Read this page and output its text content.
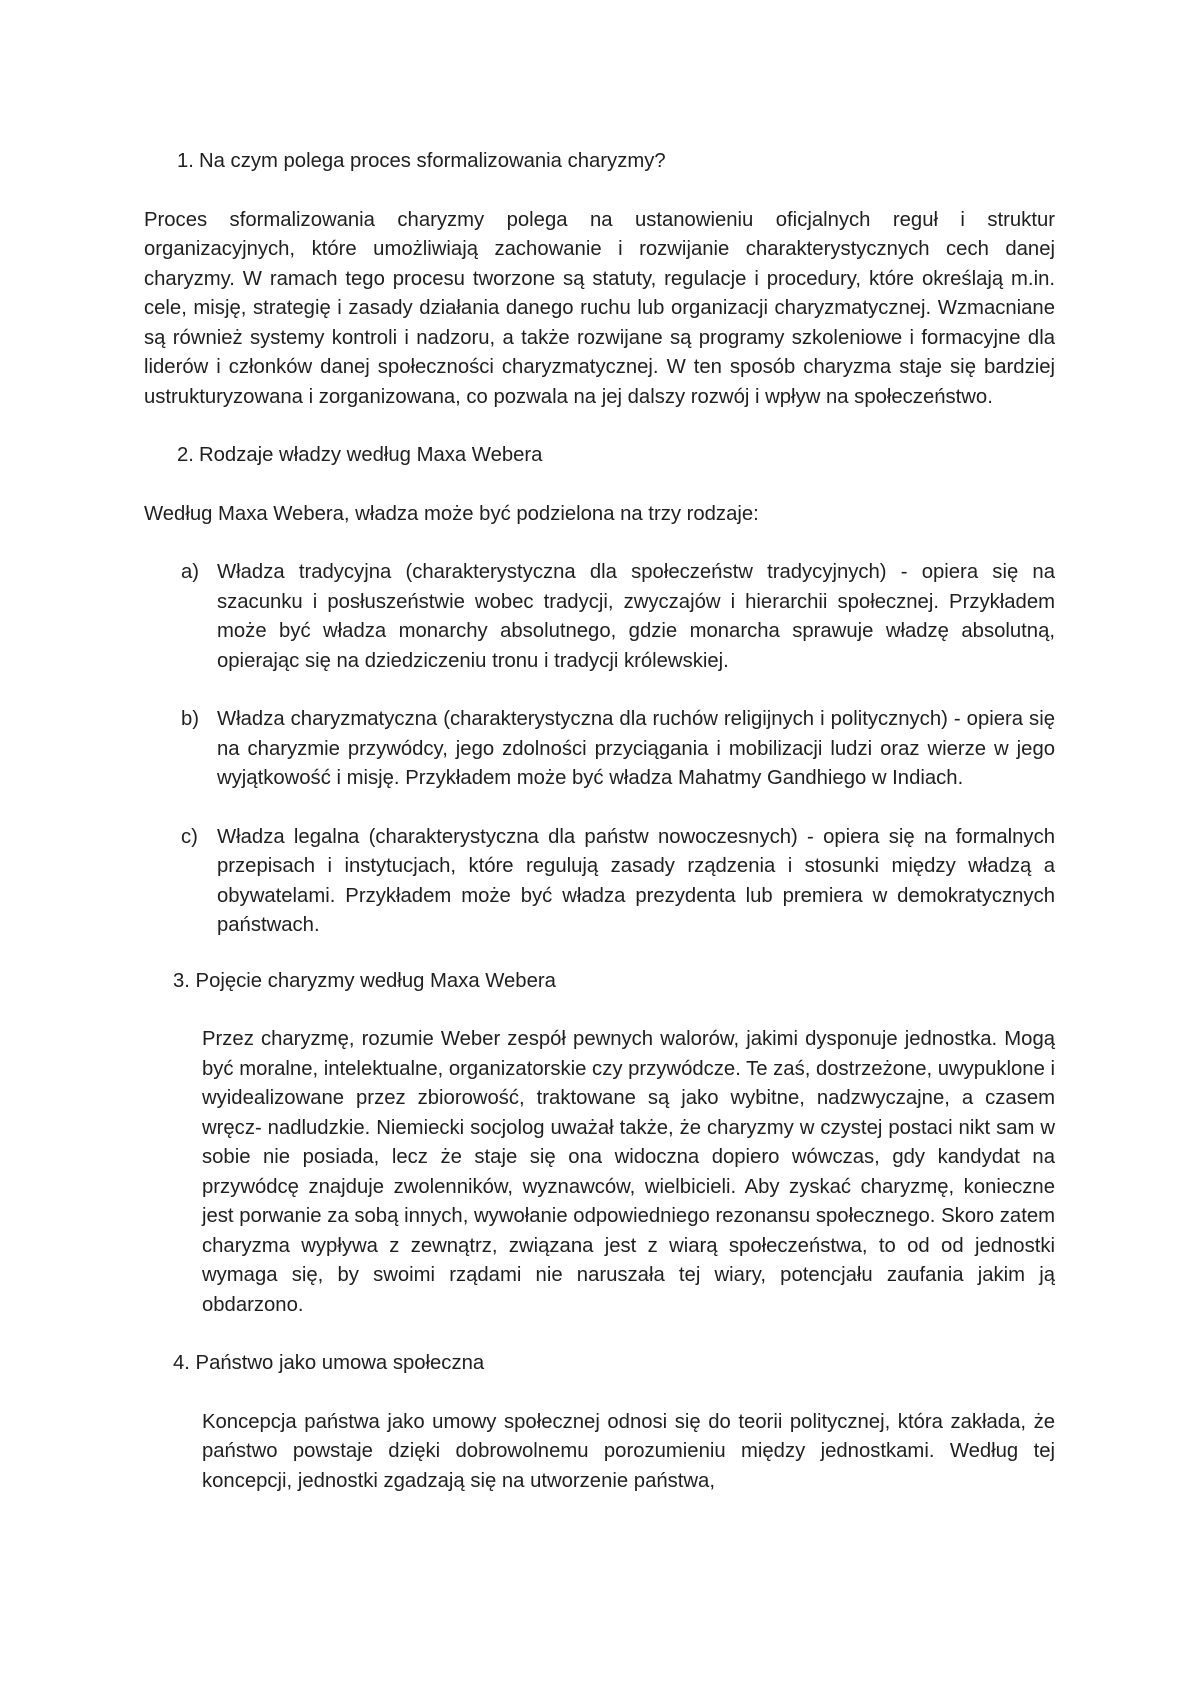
1. Na czym polega proces sformalizowania charyzmy?

Proces sformalizowania charyzmy polega na ustanowieniu oficjalnych reguł i struktur organizacyjnych, które umożliwiają zachowanie i rozwijanie charakterystycznych cech danej charyzmy. W ramach tego procesu tworzone są statuty, regulacje i procedury, które określają m.in. cele, misję, strategię i zasady działania danego ruchu lub organizacji charyzmatycznej. Wzmacniane są również systemy kontroli i nadzoru, a także rozwijane są programy szkoleniowe i formacyjne dla liderów i członków danej społeczności charyzmatycznej. W ten sposób charyzma staje się bardziej ustrukturyzowana i zorganizowana, co pozwala na jej dalszy rozwój i wpływ na społeczeństwo.

2. Rodzaje władzy według Maxa Webera

Według Maxa Webera, władza może być podzielona na trzy rodzaje:

a) Władza tradycyjna (charakterystyczna dla społeczeństw tradycyjnych) - opiera się na szacunku i posłuszeństwie wobec tradycji, zwyczajów i hierarchii społecznej. Przykładem może być władza monarchy absolutnego, gdzie monarcha sprawuje władzę absolutną, opierając się na dziedziczeniu tronu i tradycji królewskiej.
b) Władza charyzmatyczna (charakterystyczna dla ruchów religijnych i politycznych) - opiera się na charyzmie przywódcy, jego zdolności przyciągania i mobilizacji ludzi oraz wierze w jego wyjątkowość i misję. Przykładem może być władza Mahatmy Gandhiego w Indiach.
c) Władza legalna (charakterystyczna dla państw nowoczesnych) - opiera się na formalnych przepisach i instytucjach, które regulują zasady rządzenia i stosunki między władzą a obywatelami. Przykładem może być władza prezydenta lub premiera w demokratycznych państwach.

3. Pojęcie charyzmy według Maxa Webera

Przez charyzmę, rozumie Weber zespół pewnych walorów, jakimi dysponuje jednostka. Mogą być moralne, intelektualne, organizatorskie czy przywódcze. Te zaś, dostrzeżone, uwypuklone i wyidealizowane przez zbiorowość, traktowane są jako wybitne, nadzwyczajne, a czasem wręcz- nadludzkie. Niemiecki socjolog uważał także, że charyzmy w czystej postaci nikt sam w sobie nie posiada, lecz że staje się ona widoczna dopiero wówczas, gdy kandydat na przywódcę znajduje zwolenników, wyznawców, wielbicieli. Aby zyskać charyzmę, konieczne jest porwanie za sobą innych, wywołanie odpowiedniego rezonansu społecznego. Skoro zatem charyzma wypływa z zewnątrz, związana jest z wiarą społeczeństwa, to od od jednostki wymaga się, by swoimi rządami nie naruszała tej wiary, potencjału zaufania jakim ją obdarzono.

4. Państwo jako umowa społeczna

Koncepcja państwa jako umowy społecznej odnosi się do teorii politycznej, która zakłada, że państwo powstaje dzięki dobrowolnemu porozumieniu między jednostkami. Według tej koncepcji, jednostki zgadzają się na utworzenie państwa,
